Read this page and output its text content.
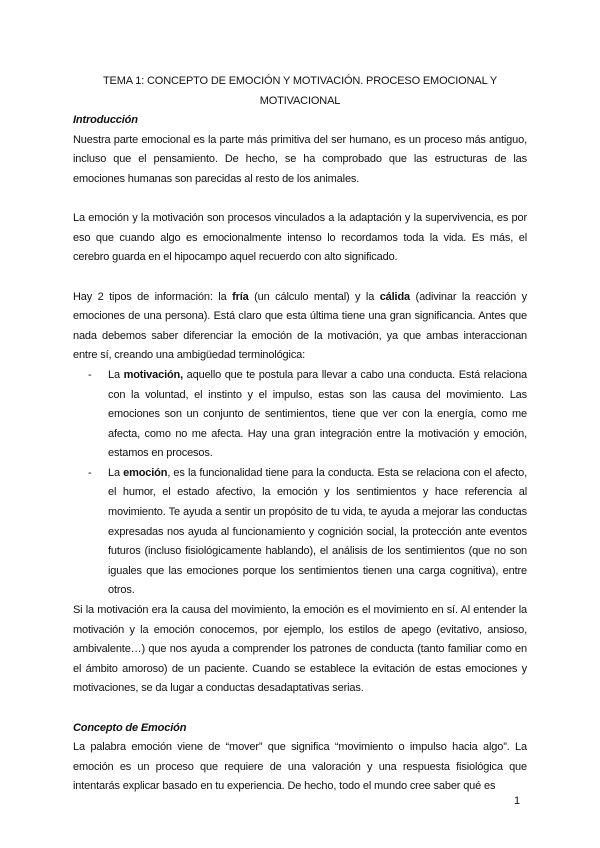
TEMA 1: CONCEPTO DE EMOCIÓN Y MOTIVACIÓN. PROCESO EMOCIONAL Y MOTIVACIONAL
Introducción

Nuestra parte emocional es la parte más primitiva del ser humano, es un proceso más antiguo, incluso que el pensamiento. De hecho, se ha comprobado que las estructuras de las emociones humanas son parecidas al resto de los animales.

La emoción y la motivación son procesos vinculados a la adaptación y la supervivencia, es por eso que cuando algo es emocionalmente intenso lo recordamos toda la vida. Es más, el cerebro guarda en el hipocampo aquel recuerdo con alto significado.

Hay 2 tipos de información: la fría (un cálculo mental) y la cálida (adivinar la reacción y emociones de una persona). Está claro que esta última tiene una gran significancia. Antes que nada debemos saber diferenciar la emoción de la motivación, ya que ambas interaccionan entre sí, creando una ambigüedad terminológica:

- La motivación, aquello que te postula para llevar a cabo una conducta. Está relaciona con la voluntad, el instinto y el impulso, estas son las causa del movimiento. Las emociones son un conjunto de sentimientos, tiene que ver con la energía, como me afecta, como no me afecta. Hay una gran integración entre la motivación y emoción, estamos en procesos.
- La emoción, es la funcionalidad tiene para la conducta. Esta se relaciona con el afecto, el humor, el estado afectivo, la emoción y los sentimientos y hace referencia al movimiento. Te ayuda a sentir un propósito de tu vida, te ayuda a mejorar las conductas expresadas nos ayuda al funcionamiento y cognición social, la protección ante eventos futuros (incluso fisiológicamente hablando), el análisis de los sentimientos (que no son iguales que las emociones porque los sentimientos tienen una carga cognitiva), entre otros.

Si la motivación era la causa del movimiento, la emoción es el movimiento en sí. Al entender la motivación y la emoción conocemos, por ejemplo, los estilos de apego (evitativo, ansioso, ambivalente…) que nos ayuda a comprender los patrones de conducta (tanto familiar como en el ámbito amoroso) de un paciente. Cuando se establece la evitación de estas emociones y motivaciones, se da lugar a conductas desadaptativas serias.

Concepto de Emoción

La palabra emoción viene de “mover” que significa “movimiento o impulso hacia algo”. La emoción es un proceso que requiere de una valoración y una respuesta fisiológica que intentarás explicar basado en tu experiencia. De hecho, todo el mundo cree saber qué es

1
